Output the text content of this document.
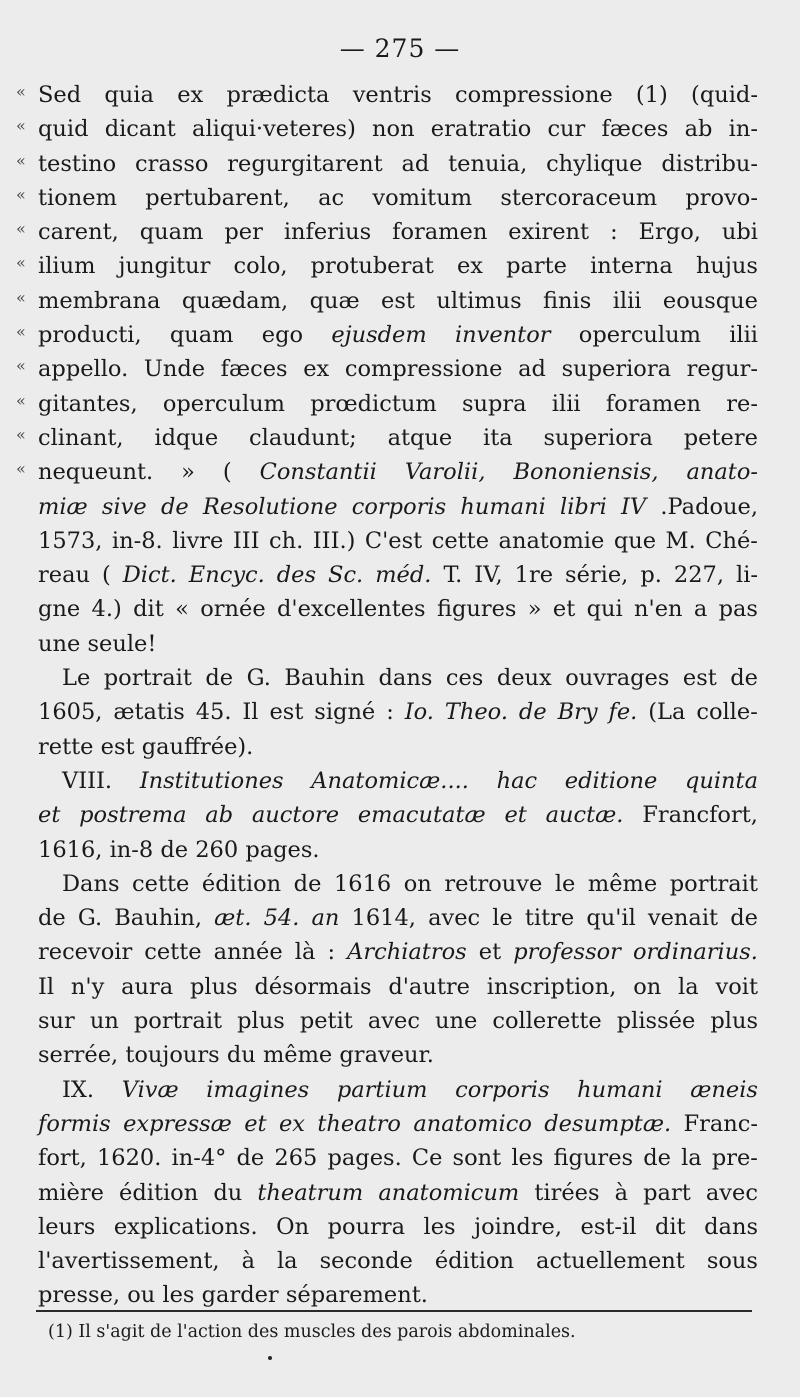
— 275 —
« Sed quia ex prædicta ventris compressione (1) (quid-
« quid dicant aliqui·veteres) non eratratio cur fæces ab in-
« testino crasso regurgitarent ad tenuia, chylique distribu-
« tionem pertubarent, ac vomitum stercoraceum provo-
« carent, quam per inferius foramen exirent : Ergo, ubi
« ilium jungitur colo, protuberat ex parte interna hujus
« membrana quædam, quæ est ultimus finis ilii eousque
« producti, quam ego ejusdem inventor operculum ilii
« appello. Unde fæces ex compressione ad superiora regur-
« gitantes, operculum prœdictum supra ilii foramen re-
« clinant, idque claudunt; atque ita superiora petere
« nequeunt. » ( Constantii Varolii, Bononiensis, anato-
miæ sive de Resolutione corporis humani libri IV .Padoue,
1573, in-8. livre III ch. III.) C'est cette anatomie que M. Ché-
reau ( Dict. Encyc. des Sc. méd. T. IV, 1re série, p. 227, li-
gne 4.) dit « ornée d'excellentes figures » et qui n'en a pas
une
seule!
Le portrait de G. Bauhin dans ces deux ouvrages est de
1605, ætatis 45. Il est signé : Io. Theo. de Bry fe. (La colle-
rette
est
gauffrée).
VIII. Institutiones Anatomicæ.... hac editione quinta
et postrema ab auctore emacutatæ et auctæ. Francfort,
1616,
in-8
de
260
pages.
Dans cette édition de 1616 on retrouve le même portrait
de G. Bauhin, æt. 54. an 1614, avec le titre qu'il venait de
recevoir cette année là : Archiatros et professor ordinarius.
Il n'y aura plus désormais d'autre inscription, on la voit
sur un portrait plus petit avec une collerette plissée plus
serrée,
toujours
du
même
graveur.
IX. Vivæ imagines partium corporis humani æneis
formis expressæ et ex theatro anatomico desumptæ. Franc-
fort, 1620. in-4° de 265 pages. Ce sont les figures de la pre-
mière édition du theatrum anatomicum tirées à part avec
leurs explications. On pourra les joindre, est-il dit dans
l'avertissement, à la seconde édition actuellement sous
presse,
ou
les
garder
séparement.
(1) Il s'agit de l'action des muscles des parois abdominales.
